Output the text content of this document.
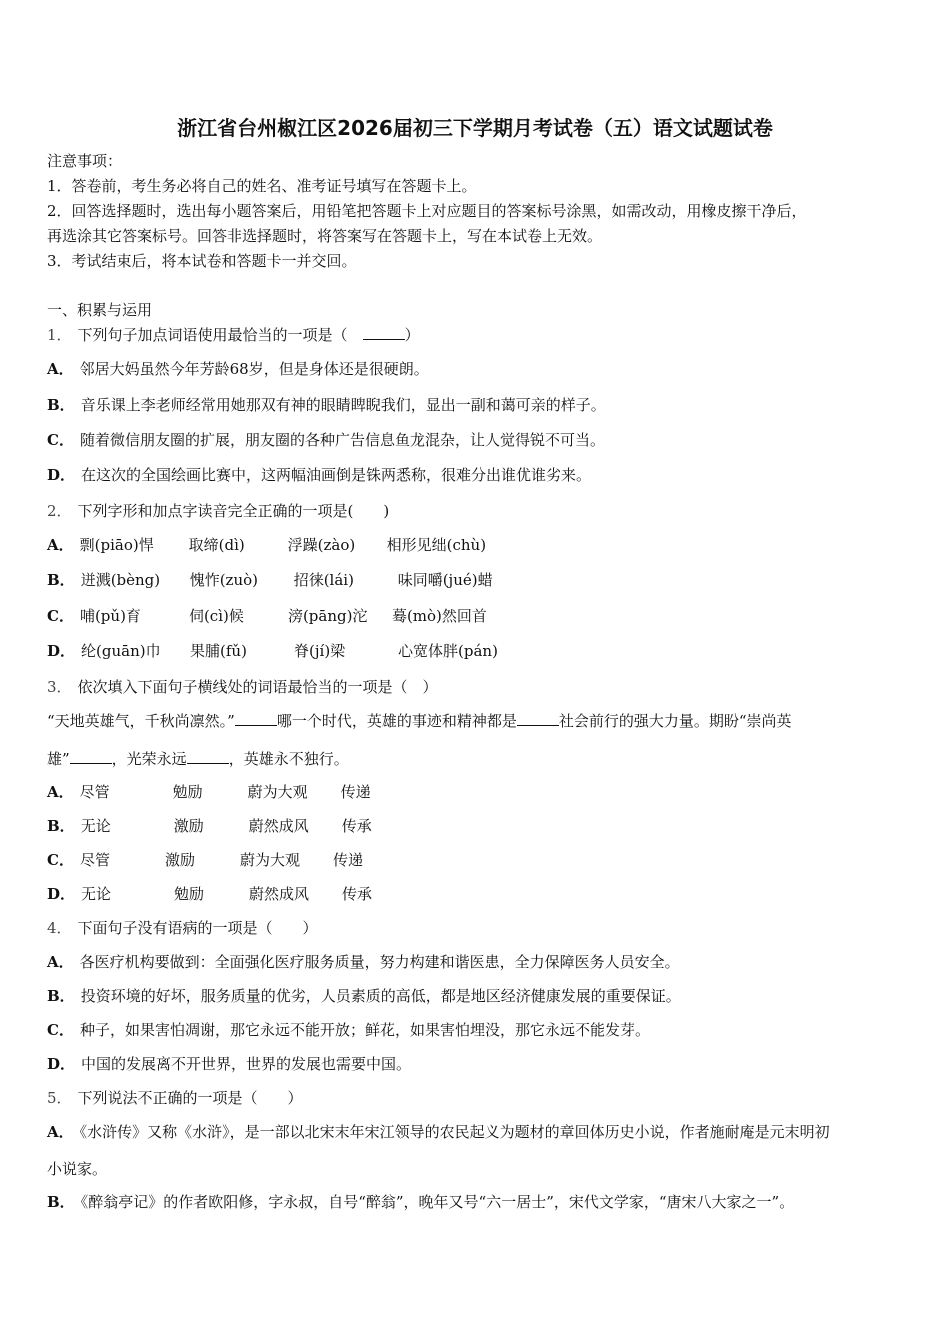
浙江省台州椒江区2026届初三下学期月考试卷（五）语文试题试卷
注意事项：
1．答卷前，考生务必将自己的姓名、准考证号填写在答题卡上。
2．回答选择题时，选出每小题答案后，用铅笔把答题卡上对应题目的答案标号涂黑，如需改动，用橡皮擦干净后，
再选涂其它答案标号。回答非选择题时，将答案写在答题卡上，写在本试卷上无效。
3．考试结束后，将本试卷和答题卡一并交回。
一、积累与运用
1． 下列句子加点词语使用最恰当的一项是（　	）
A． 邻居大妈虽然今年芳龄68岁，但是身体还是很硬朗。
B． 音乐课上李老师经常用她那双有神的眼睛睥睨我们，显出一副和蔼可亲的样子。
C． 随着微信朋友圈的扩展，朋友圈的各种广告信息鱼龙混杂，让人觉得锐不可当。
D． 在这次的全国绘画比赛中，这两幅油画倒是铢两悉称，很难分出谁优谁劣来。
2． 下列字形和加点字读音完全正确的一项是(　　)
A． 剽(piāo)悍 取缔(dì)	浮躁(zào) 相形见绌(chù)
B． 迸溅(bèng) 愧怍(zuò) 招徕(lái)	味同嚼(jué)蜡
C． 哺(pǔ)育	伺(cì)候	滂(pāng)沱 蓦(mò)然回首
D． 纶(guān)巾 果脯(fǔ)	脊(jí)梁	心宽体胖(pán)
3． 依次填入下面句子横线处的词语最恰当的一项是（　）
“天地英雄气，千秋尚凛然。”	哪一个时代，英雄的事迹和精神都是	社会前行的强大力量。期盼“崇尚英
雄”	，光荣永远	，英雄永不独行。
A． 尽管	勉励	蔚为大观 传递
B． 无论	激励	蔚然成风 传承
C． 尽管	激励	蔚为大观 传递
D． 无论	勉励	蔚然成风 传承
4． 下面句子没有语病的一项是（　　）
A． 各医疗机构要做到：全面强化医疗服务质量，努力构建和谐医患，全力保障医务人员安全。
B． 投资环境的好坏，服务质量的优劣，人员素质的高低，都是地区经济健康发展的重要保证。
C． 种子，如果害怕凋谢，那它永远不能开放；鲜花，如果害怕埋没，那它永远不能发芽。
D． 中国的发展离不开世界，世界的发展也需要中国。
5． 下列说法不正确的一项是（　　）
A． 《水浒传》又称《水浒》，是一部以北宋末年宋江领导的农民起义为题材的章回体历史小说，作者施耐庵是元末明初
小说家。
B． 《醉翁亭记》的作者欧阳修，字永叔，自号“醉翁”，晚年又号“六一居士”，宋代文学家，“唐宋八大家之一”。
